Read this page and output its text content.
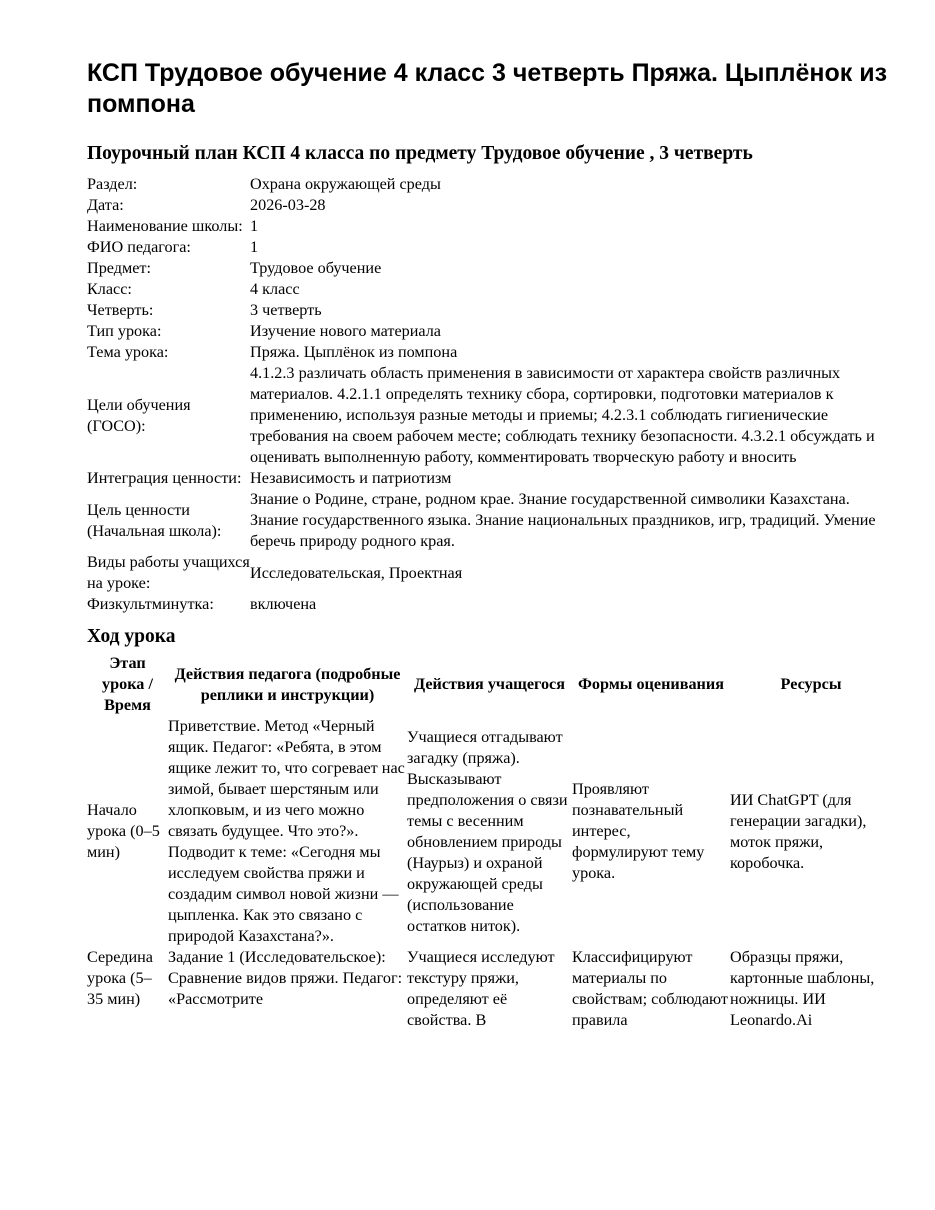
КСП Трудовое обучение 4 класс 3 четверть Пряжа. Цыплёнок из помпона
Поурочный план КСП 4 класса по предмету Трудовое обучение , 3 четверть
Раздел:	Охрана окружающей среды
Дата:	2026-03-28
Наименование школы:	1
ФИО педагога:	1
Предмет:	Трудовое обучение
Класс:	4 класс
Четверть:	3 четверть
Тип урока:	Изучение нового материала
Тема урока:	Пряжа. Цыплёнок из помпона
Цели обучения (ГОСО):	4.1.2.3 различать область применения в зависимости от характера свойств различных материалов. 4.2.1.1 определять технику сбора, сортировки, подготовки материалов к применению, используя разные методы и приемы; 4.2.3.1 соблюдать гигиенические требования на своем рабочем месте; соблюдать технику безопасности. 4.3.2.1 обсуждать и оценивать выполненную работу, комментировать творческую работу и вносить
Интеграция ценности:	Независимость и патриотизм
Цель ценности (Начальная школа):	Знание о Родине, стране, родном крае. Знание государственной символики Казахстана. Знание государственного языка. Знание национальных праздников, игр, традиций. Умение беречь природу родного края.
Виды работы учащихся на уроке:	Исследовательская, Проектная
Физкультминутка:	включена
Ход урока
Этап урока / Время	Действия педагога (подробные реплики и инструкции)	Действия учащегося	Формы оценивания	Ресурсы
Начало урока (0–5 мин)	Приветствие. Метод «Черный ящик. Педагог: «Ребята, в этом ящике лежит то, что согревает нас зимой, бывает шерстяным или хлопковым, и из чего можно связать будущее. Что это?». Подводит к теме: «Сегодня мы исследуем свойства пряжи и создадим символ новой жизни — цыпленка. Как это связано с природой Казахстана?».	Учащиеся отгадывают загадку (пряжа). Высказывают предположения о связи темы с весенним обновлением природы (Наурыз) и охраной окружающей среды (использование остатков ниток).	Проявляют познавательный интерес, формулируют тему урока.	ИИ ChatGPT (для генерации загадки), моток пряжи, коробочка.
Середина урока (5–35 мин)	Задание 1 (Исследовательское): Сравнение видов пряжи. Педагог: «Рассмотрите	Учащиеся исследуют текстуру пряжи, определяют её свойства. В	Классифицируют материалы по свойствам; соблюдают правила	Образцы пряжи, картонные шаблоны, ножницы. ИИ Leonardo.Ai
